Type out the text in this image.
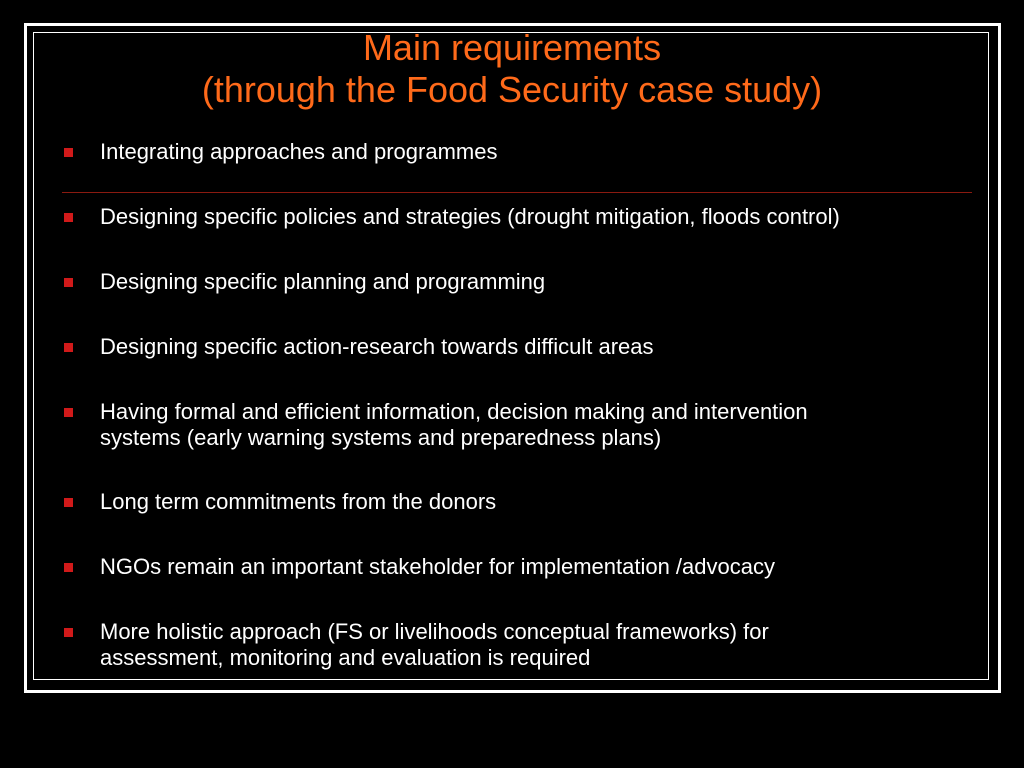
Main requirements
(through the Food Security case study)
Integrating approaches and programmes
Designing specific policies and strategies (drought mitigation, floods control)
Designing specific planning and programming
Designing specific action-research towards difficult areas
Having formal and efficient information, decision making and intervention
systems (early warning systems and preparedness plans)
Long term commitments from the donors
NGOs remain an important stakeholder for implementation /advocacy
More holistic approach (FS or livelihoods conceptual frameworks) for
assessment, monitoring and evaluation is required
